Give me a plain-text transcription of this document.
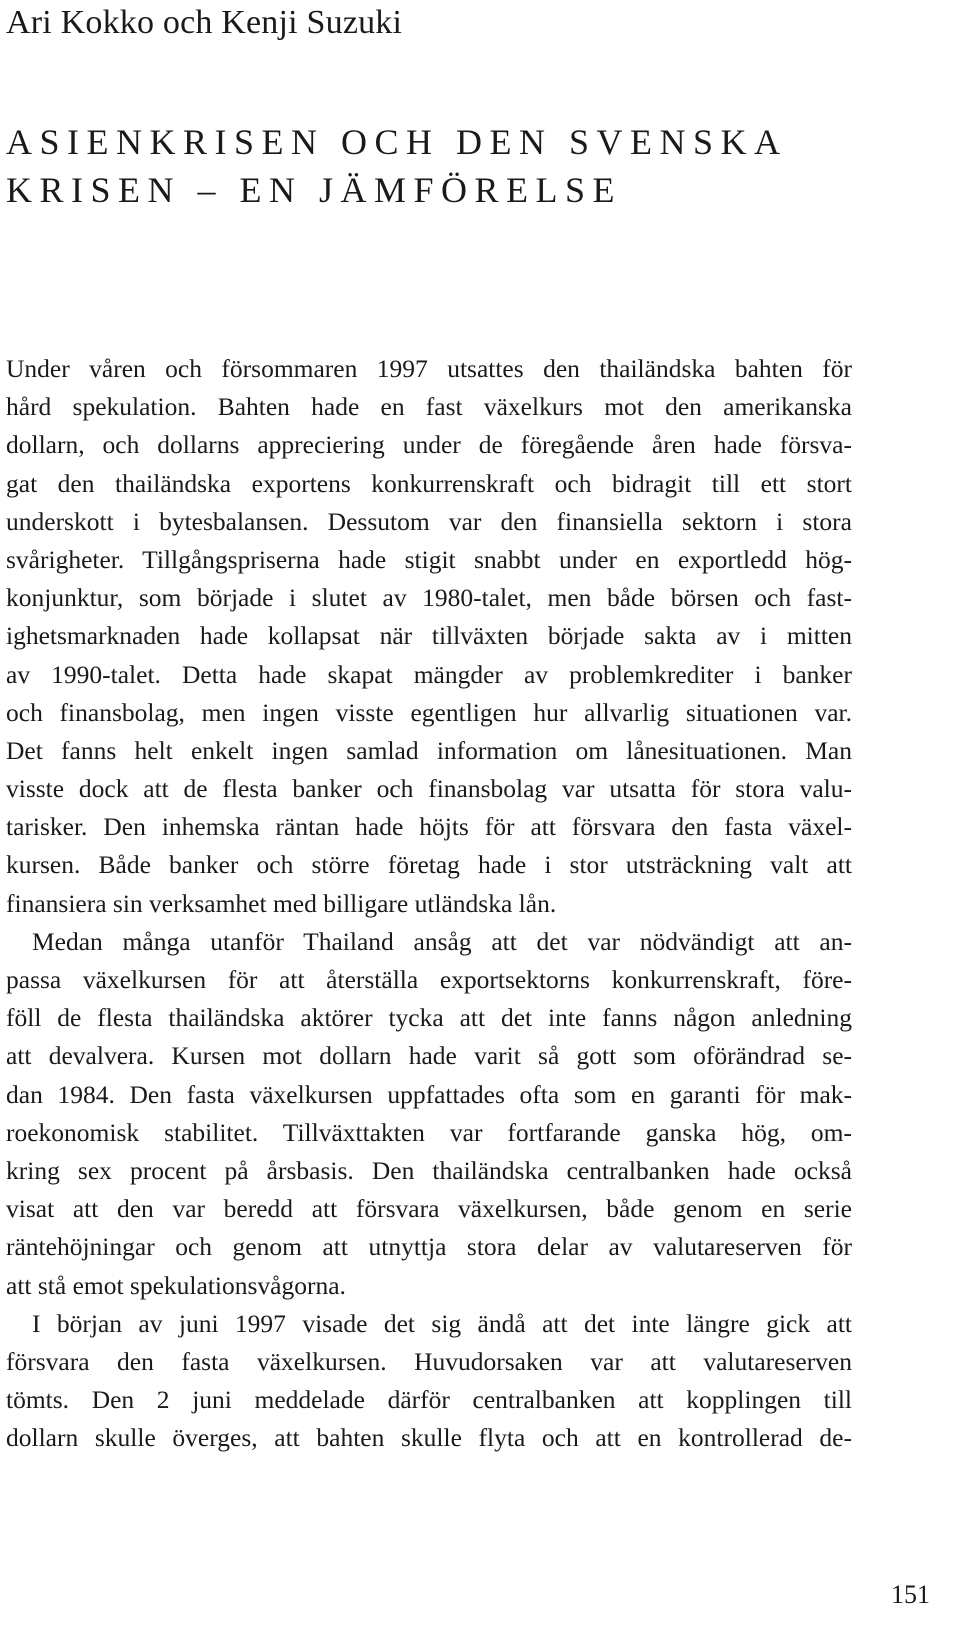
Ari Kokko och Kenji Suzuki
ASIENKRISEN OCH DEN SVENSKA
KRISEN – EN JÄMFÖRELSE
Under våren och försommaren 1997 utsattes den thailändska bahten för
hård spekulation. Bahten hade en fast växelkurs mot den amerikanska
dollarn, och dollarns appreciering under de föregående åren hade försva-
gat den thailändska exportens konkurrenskraft och bidragit till ett stort
underskott i bytesbalansen. Dessutom var den finansiella sektorn i stora
svårigheter. Tillgångspriserna hade stigit snabbt under en exportledd hög-
konjunktur, som började i slutet av 1980-talet, men både börsen och fast-
ighetsmarknaden hade kollapsat när tillväxten började sakta av i mitten
av 1990-talet. Detta hade skapat mängder av problemkrediter i banker
och finansbolag, men ingen visste egentligen hur allvarlig situationen var.
Det fanns helt enkelt ingen samlad information om lånesituationen. Man
visste dock att de flesta banker och finansbolag var utsatta för stora valu-
tarisker. Den inhemska räntan hade höjts för att försvara den fasta växel-
kursen. Både banker och större företag hade i stor utsträckning valt att
finansiera sin verksamhet med billigare utländska lån.
Medan många utanför Thailand ansåg att det var nödvändigt att an-
passa växelkursen för att återställa exportsektorns konkurrenskraft, före-
föll de flesta thailändska aktörer tycka att det inte fanns någon anledning
att devalvera. Kursen mot dollarn hade varit så gott som oförändrad se-
dan 1984. Den fasta växelkursen uppfattades ofta som en garanti för mak-
roekonomisk stabilitet. Tillväxttakten var fortfarande ganska hög, om-
kring sex procent på årsbasis. Den thailändska centralbanken hade också
visat att den var beredd att försvara växelkursen, både genom en serie
räntehöjningar och genom att utnyttja stora delar av valutareserven för
att stå emot spekulationsvågorna.
I början av juni 1997 visade det sig ändå att det inte längre gick att
försvara den fasta växelkursen. Huvudorsaken var att valutareserven
tömts. Den 2 juni meddelade därför centralbanken att kopplingen till
dollarn skulle överges, att bahten skulle flyta och att en kontrollerad de-
151
